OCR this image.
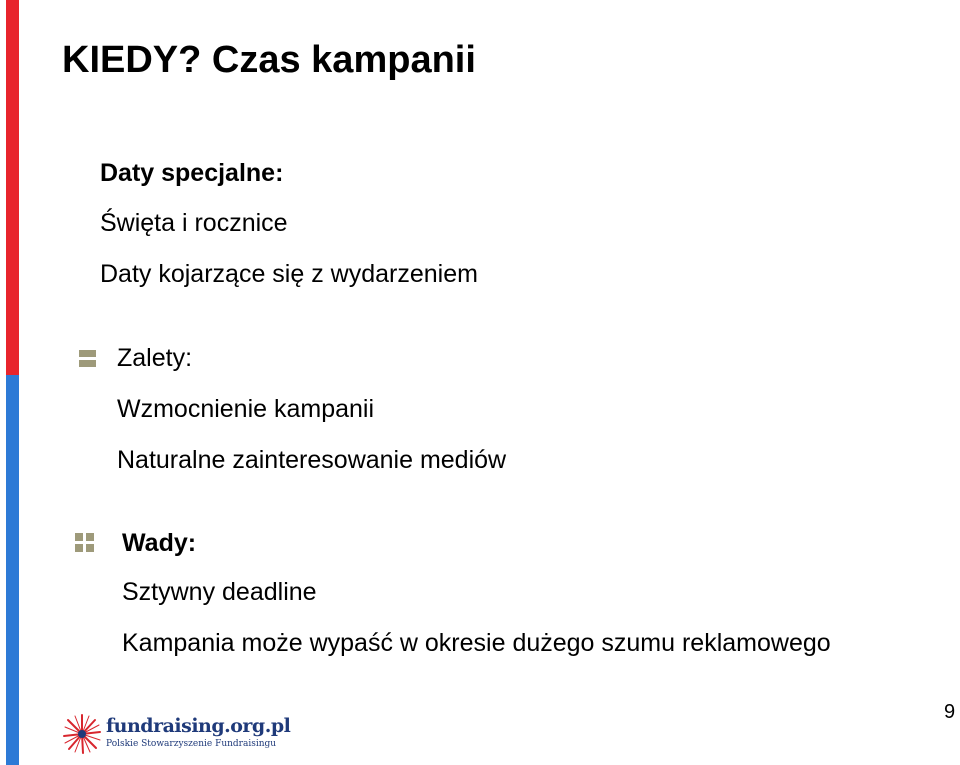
KIEDY? Czas kampanii
Daty specjalne:
Święta i rocznice
Daty kojarzące się z wydarzeniem
Zalety:
Wzmocnienie kampanii
Naturalne zainteresowanie mediów
Wady:
Sztywny deadline
Kampania może wypaść w okresie dużego szumu reklamowego
9
fundraising.org.pl
Polskie Stowarzyszenie Fundraisingu
